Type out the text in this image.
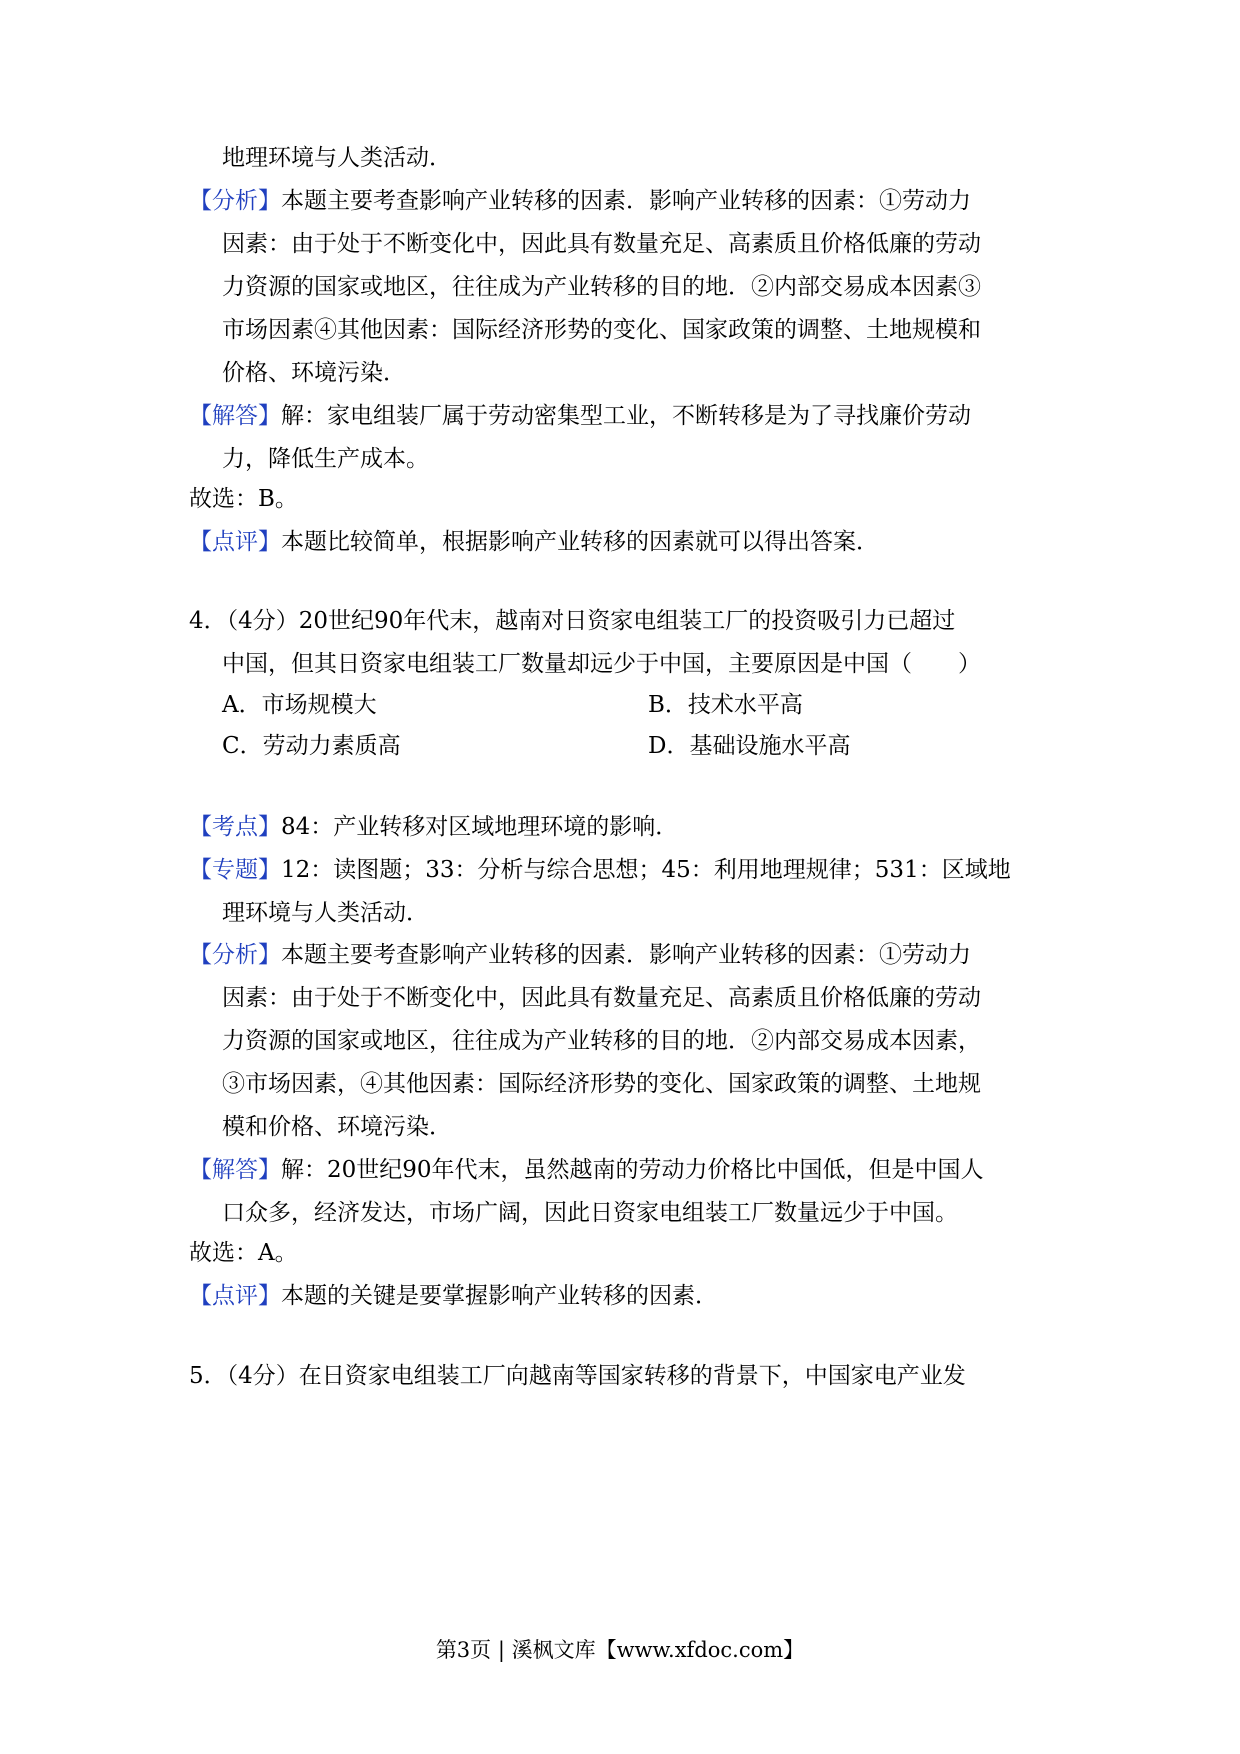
地理环境与人类活动．
【分析】本题主要考查影响产业转移的因素．影响产业转移的因素：①劳动力
因素：由于处于不断变化中，因此具有数量充足、高素质且价格低廉的劳动
力资源的国家或地区，往往成为产业转移的目的地．②内部交易成本因素③
市场因素④其他因素：国际经济形势的变化、国家政策的调整、土地规模和
价格、环境污染．
【解答】解：家电组装厂属于劳动密集型工业，不断转移是为了寻找廉价劳动
力，降低生产成本。
故选：B。
【点评】本题比较简单，根据影响产业转移的因素就可以得出答案．
4．（4分）20世纪90年代末，越南对日资家电组装工厂的投资吸引力已超过
中国，但其日资家电组装工厂数量却远少于中国，主要原因是中国（　　）
A．市场规模大	B．技术水平高
C．劳动力素质高	D．基础设施水平高
【考点】84：产业转移对区域地理环境的影响．
【专题】12：读图题；33：分析与综合思想；45：利用地理规律；531：区域地
理环境与人类活动．
【分析】本题主要考查影响产业转移的因素．影响产业转移的因素：①劳动力
因素：由于处于不断变化中，因此具有数量充足、高素质且价格低廉的劳动
力资源的国家或地区，往往成为产业转移的目的地．②内部交易成本因素，
③市场因素，④其他因素：国际经济形势的变化、国家政策的调整、土地规
模和价格、环境污染．
【解答】解：20世纪90年代末，虽然越南的劳动力价格比中国低，但是中国人
口众多，经济发达，市场广阔，因此日资家电组装工厂数量远少于中国。
故选：A。
【点评】本题的关键是要掌握影响产业转移的因素．
5．（4分）在日资家电组装工厂向越南等国家转移的背景下，中国家电产业发
第3页 | 溪枫文库【www.xfdoc.com】
